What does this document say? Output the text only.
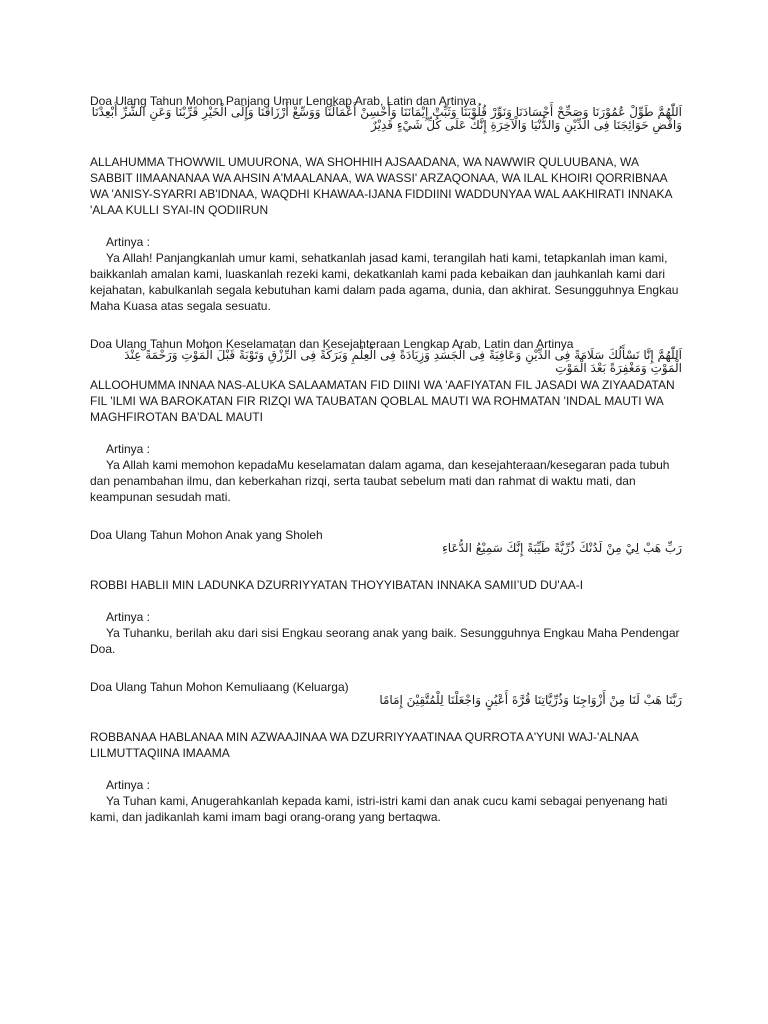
Doa Ulang Tahun Mohon Panjang Umur Lengkap Arab, Latin dan Artinya
اَللّٰهُمَّ طَوِّلْ عُمُوْرَنَا وَصَحِّحْ أَجْسَادَنَا وَنَوِّرْ قُلُوْبَنَا وَثَبِّتْ إِيْمَانَنَا وَأَحْسِنْ أَعْمَالَنَا وَوَسِّعْ أَرْزَاقَنَا وَإِلَى الْخَيْرِ قَرِّبْنَا وَعَنِ الشَّرِّ أَبْعِدْنَا وَاقْضِ حَوَائِجَنَا فِى الدِّيْنِ وَالدُّنْيَا وَالْآخِرَةِ إِنَّكَ عَلَى كُلِّ شَيْءٍ قَدِيْرٌ
ALLAHUMMA THOWWIL UMUURONA, WA SHOHHIH AJSAADANA, WA NAWWIR QULUUBANA, WA SABBIT IIMAANANAA WA AHSIN A'MAALANAA, WA WASSI' ARZAQONAA, WA ILAL KHOIRI QORRIBNAA WA 'ANISY-SYARRI AB'IDNAA, WAQDHI KHAWAA-IJANA FIDDIINI WADDUNYAA WAL AAKHIRATI INNAKA 'ALAA KULLI SYAI-IN QODIIRUN
Artinya :
Ya Allah! Panjangkanlah umur kami, sehatkanlah jasad kami, terangilah hati kami, tetapkanlah iman kami, baikkanlah amalan kami, luaskanlah rezeki kami, dekatkanlah kami pada kebaikan dan jauhkanlah kami dari kejahatan, kabulkanlah segala kebutuhan kami dalam pada agama, dunia, dan akhirat. Sesungguhnya Engkau Maha Kuasa atas segala sesuatu.
Doa Ulang Tahun Mohon Keselamatan dan Kesejahteraan Lengkap Arab, Latin dan Artinya
اَللّٰهُمَّ إِنَّا نَسْأَلُكَ سَلَامَةً فِى الدِّيْنِ وَعَافِيَةً فِى الْجَسَدِ وَزِيَادَةً فِى الْعِلْمِ وَبَرَكَةً فِى الرِّزْقِ وَتَوْبَةً قَبْلَ الْمَوْتِ وَرَحْمَةً عِنْدَ الْمَوْتِ وَمَغْفِرَةً بَعْدَ الْمَوْتِ
ALLOOHUMMA INNAA NAS-ALUKA SALAAMATAN FID DIINI WA 'AAFIYATAN FIL JASADI WA ZIYAADATAN FIL 'ILMI WA BAROKATAN FIR RIZQI WA TAUBATAN QOBLAL MAUTI WA ROHMATAN 'INDAL MAUTI WA MAGHFIROTAN BA'DAL MAUTI
Artinya :
Ya Allah kami memohon kepadaMu keselamatan dalam agama, dan kesejahteraan/kesegaran pada tubuh dan penambahan ilmu, dan keberkahan rizqi, serta taubat sebelum mati dan rahmat di waktu mati, dan keampunan sesudah mati.
Doa Ulang Tahun Mohon Anak yang Sholeh
رَبِّ هَبْ لِيْ مِنْ لَدُنْكَ ذُرِّيَّةً طَيِّبَةً إِنَّكَ سَمِيْعُ الدُّعَاءِ
ROBBI HABLII MIN LADUNKA DZURRIYYATAN THOYYIBATAN INNAKA SAMIIʼUD DU'AA-I
Artinya :
Ya Tuhanku, berilah aku dari sisi Engkau seorang anak yang baik. Sesungguhnya Engkau Maha Pendengar Doa.
Doa Ulang Tahun Mohon Kemuliaang (Keluarga)
رَبَّنَا هَبْ لَنَا مِنْ أَزْوَاجِنَا وَذُرِّيَّاتِنَا قُرَّةَ أَعْيُنٍ وَاجْعَلْنَا لِلْمُتَّقِيْنَ إِمَامًا
ROBBANAA HABLANAA MIN AZWAAJINAA WA DZURRIYYAATINAA QURROTA A'YUNI WAJ-'ALNAA LILMUTTAQIINA IMAAMA
Artinya :
Ya Tuhan kami, Anugerahkanlah kepada kami, istri-istri kami dan anak cucu kami sebagai penyenang hati kami, dan jadikanlah kami imam bagi orang-orang yang bertaqwa.
